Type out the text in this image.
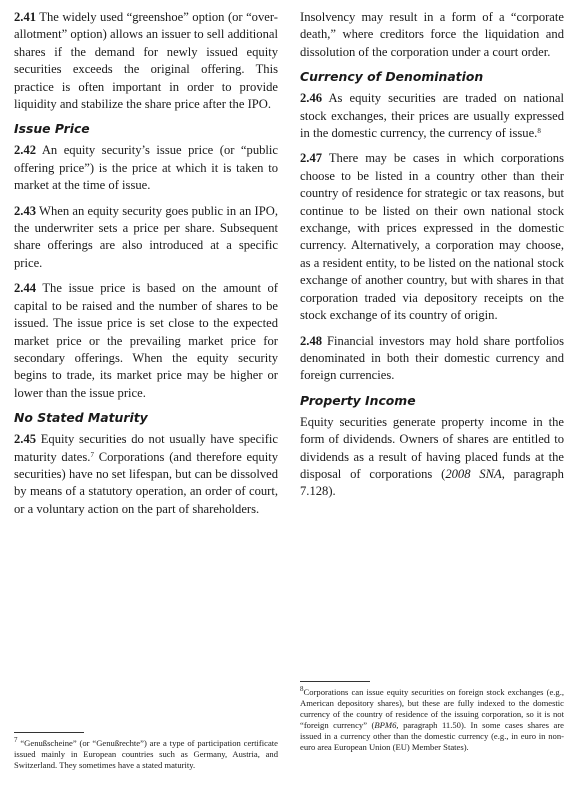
2.41 The widely used “greenshoe” option (or “over-allotment” option) allows an issuer to sell additional shares if the demand for newly issued equity securities exceeds the original offering. This practice is often important in order to provide liquidity and stabilize the share price after the IPO.

Issue Price

2.42 An equity security’s issue price (or “public offering price”) is the price at which it is taken to market at the time of issue.

2.43 When an equity security goes public in an IPO, the underwriter sets a price per share. Subsequent share offerings are also introduced at a specific price.

2.44 The issue price is based on the amount of capital to be raised and the number of shares to be issued. The issue price is set close to the expected market price or the prevailing market price for secondary offerings. When the equity security begins to trade, its market price may be higher or lower than the issue price.

No Stated Maturity

2.45 Equity securities do not usually have specific maturity dates.$^7$ Corporations (and therefore equity securities) have no set lifespan, but can be dissolved by means of a statutory operation, an order of court, or a voluntary action on the part of shareholders.

Insolvency may result in a form of a “corporate death,” where creditors force the liquidation and dissolution of the corporation under a court order.

Currency of Denomination

2.46 As equity securities are traded on national stock exchanges, their prices are usually expressed in the domestic currency, the currency of issue.$^8$

2.47 There may be cases in which corporations choose to be listed in a country other than their country of residence for strategic or tax reasons, but continue to be listed on their own national stock exchange, with prices expressed in the domestic currency. Alternatively, a corporation may choose, as a resident entity, to be listed on the national stock exchange of another country, but with shares in that corporation traded via depository receipts on the stock exchange of its country of origin.

2.48 Financial investors may hold share portfolios denominated in both their domestic currency and foreign currencies.

Property Income

Equity securities generate property income in the form of dividends. Owners of shares are entitled to dividends as a result of having placed funds at the disposal of corporations (2008 SNA, paragraph 7.128).

$^7$ “Genußscheine” (or “Genußrechte”) are a type of participation certificate issued mainly in European countries such as Germany, Austria, and Switzerland. They sometimes have a stated maturity.
$^8$Corporations can issue equity securities on foreign stock exchanges (e.g., American depository shares), but these are fully indexed to the domestic currency of the country of residence of the issuing corporation, so it is not “foreign currency” (BPM6, paragraph 11.50). In some cases shares are issued in a currency other than the domestic currency (e.g., in euro in non-euro area European Union (EU) Member States).
